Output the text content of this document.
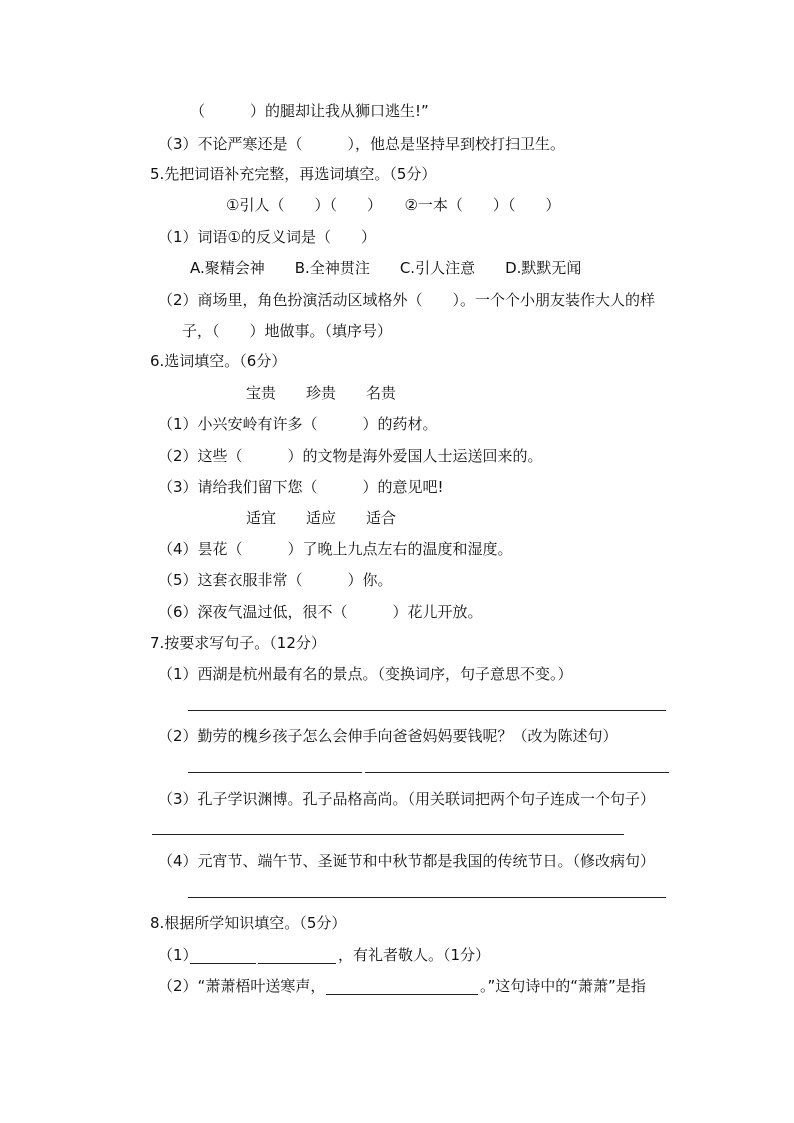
（　　　）的腿却让我从狮口逃生!”
（3）不论严寒还是（　　　），他总是坚持早到校打扫卫生。
5.先把词语补充完整，再选词填空。（5分）
①引人（　　）（　　）　　②一本（　　）（　　）
（1）词语①的反义词是（　　）
A.聚精会神　　B.全神贯注　　C.引人注意　　D.默默无闻
（2）商场里，角色扮演活动区域格外（　　）。一个个小朋友装作大人的样
子，（　　）地做事。（填序号）
6.选词填空。（6分）
宝贵　　珍贵　　名贵
（1）小兴安岭有许多（　　　）的药材。
（2）这些（　　　）的文物是海外爱国人士运送回来的。
（3）请给我们留下您（　　　）的意见吧!
适宜　　适应　　适合
（4）昙花（　　　）了晚上九点左右的温度和湿度。
（5）这套衣服非常（　　　）你。
（6）深夜气温过低，很不（　　　）花儿开放。
7.按要求写句子。（12分）
（1）西湖是杭州最有名的景点。（变换词序，句子意思不变。）
（2）勤劳的槐乡孩子怎么会伸手向爸爸妈妈要钱呢？（改为陈述句）
（3）孔子学识渊博。孔子品格高尚。（用关联词把两个句子连成一个句子）
（4）元宵节、端午节、圣诞节和中秋节都是我国的传统节日。（修改病句）
8.根据所学知识填空。（5分）
（1）	，有礼者敬人。（1分）
（2）“萧萧梧叶送寒声，	。”这句诗中的“萧萧”是指
